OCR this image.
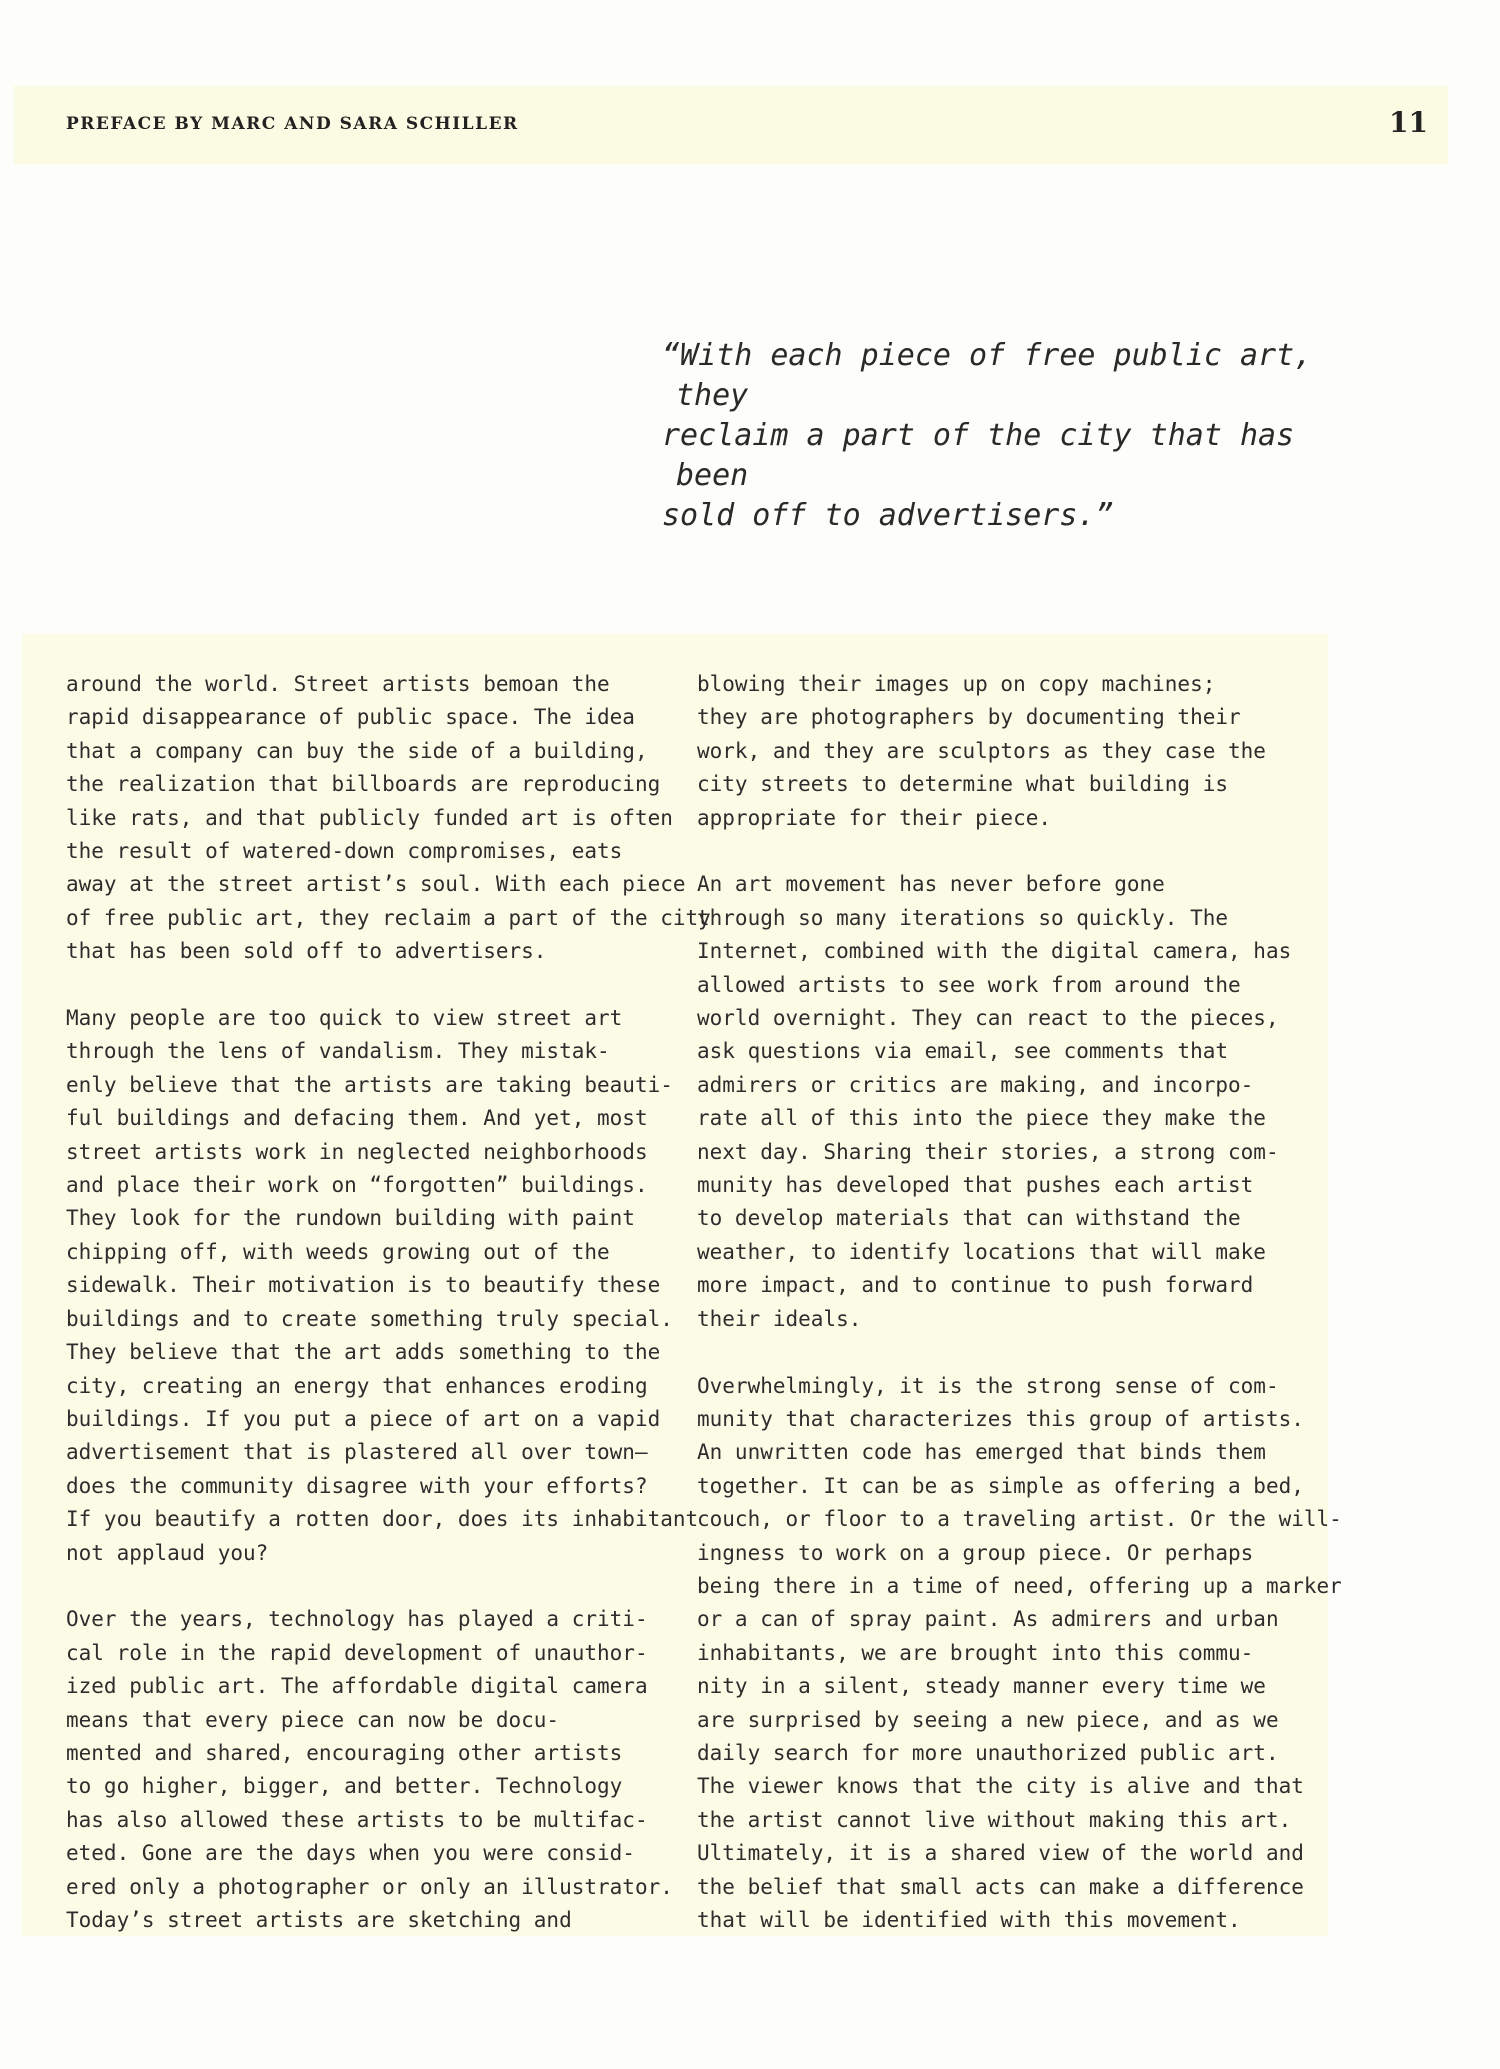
PREFACE BY MARC AND SARA SCHILLER	11
“With each piece of free public art, they
reclaim a part of the city that has been
sold off to advertisers.”

around the world. Street artists bemoan the
rapid disappearance of public space. The idea
that a company can buy the side of a building,
the realization that billboards are reproducing
like rats, and that publicly funded art is often
the result of watered-down compromises, eats
away at the street artist’s soul. With each piece
of free public art, they reclaim a part of the city
that has been sold off to advertisers.

Many people are too quick to view street art
through the lens of vandalism. They mistak-
enly believe that the artists are taking beauti-
ful buildings and defacing them. And yet, most
street artists work in neglected neighborhoods
and place their work on “forgotten” buildings.
They look for the rundown building with paint
chipping off, with weeds growing out of the
sidewalk. Their motivation is to beautify these
buildings and to create something truly special.
They believe that the art adds something to the
city, creating an energy that enhances eroding
buildings. If you put a piece of art on a vapid
advertisement that is plastered all over town—
does the community disagree with your efforts?
If you beautify a rotten door, does its inhabitant
not applaud you?

Over the years, technology has played a criti-
cal role in the rapid development of unauthor-
ized public art. The affordable digital camera
means that every piece can now be docu-
mented and shared, encouraging other artists
to go higher, bigger, and better. Technology
has also allowed these artists to be multifac-
eted. Gone are the days when you were consid-
ered only a photographer or only an illustrator.
Today’s street artists are sketching and

blowing their images up on copy machines;
they are photographers by documenting their
work, and they are sculptors as they case the
city streets to determine what building is
appropriate for their piece.

An art movement has never before gone
through so many iterations so quickly. The
Internet, combined with the digital camera, has
allowed artists to see work from around the
world overnight. They can react to the pieces,
ask questions via email, see comments that
admirers or critics are making, and incorpo-
rate all of this into the piece they make the
next day. Sharing their stories, a strong com-
munity has developed that pushes each artist
to develop materials that can withstand the
weather, to identify locations that will make
more impact, and to continue to push forward
their ideals.

Overwhelmingly, it is the strong sense of com-
munity that characterizes this group of artists.
An unwritten code has emerged that binds them
together. It can be as simple as offering a bed,
couch, or floor to a traveling artist. Or the will-
ingness to work on a group piece. Or perhaps
being there in a time of need, offering up a marker
or a can of spray paint. As admirers and urban
inhabitants, we are brought into this commu-
nity in a silent, steady manner every time we
are surprised by seeing a new piece, and as we
daily search for more unauthorized public art.
The viewer knows that the city is alive and that
the artist cannot live without making this art.
Ultimately, it is a shared view of the world and
the belief that small acts can make a difference
that will be identified with this movement.
